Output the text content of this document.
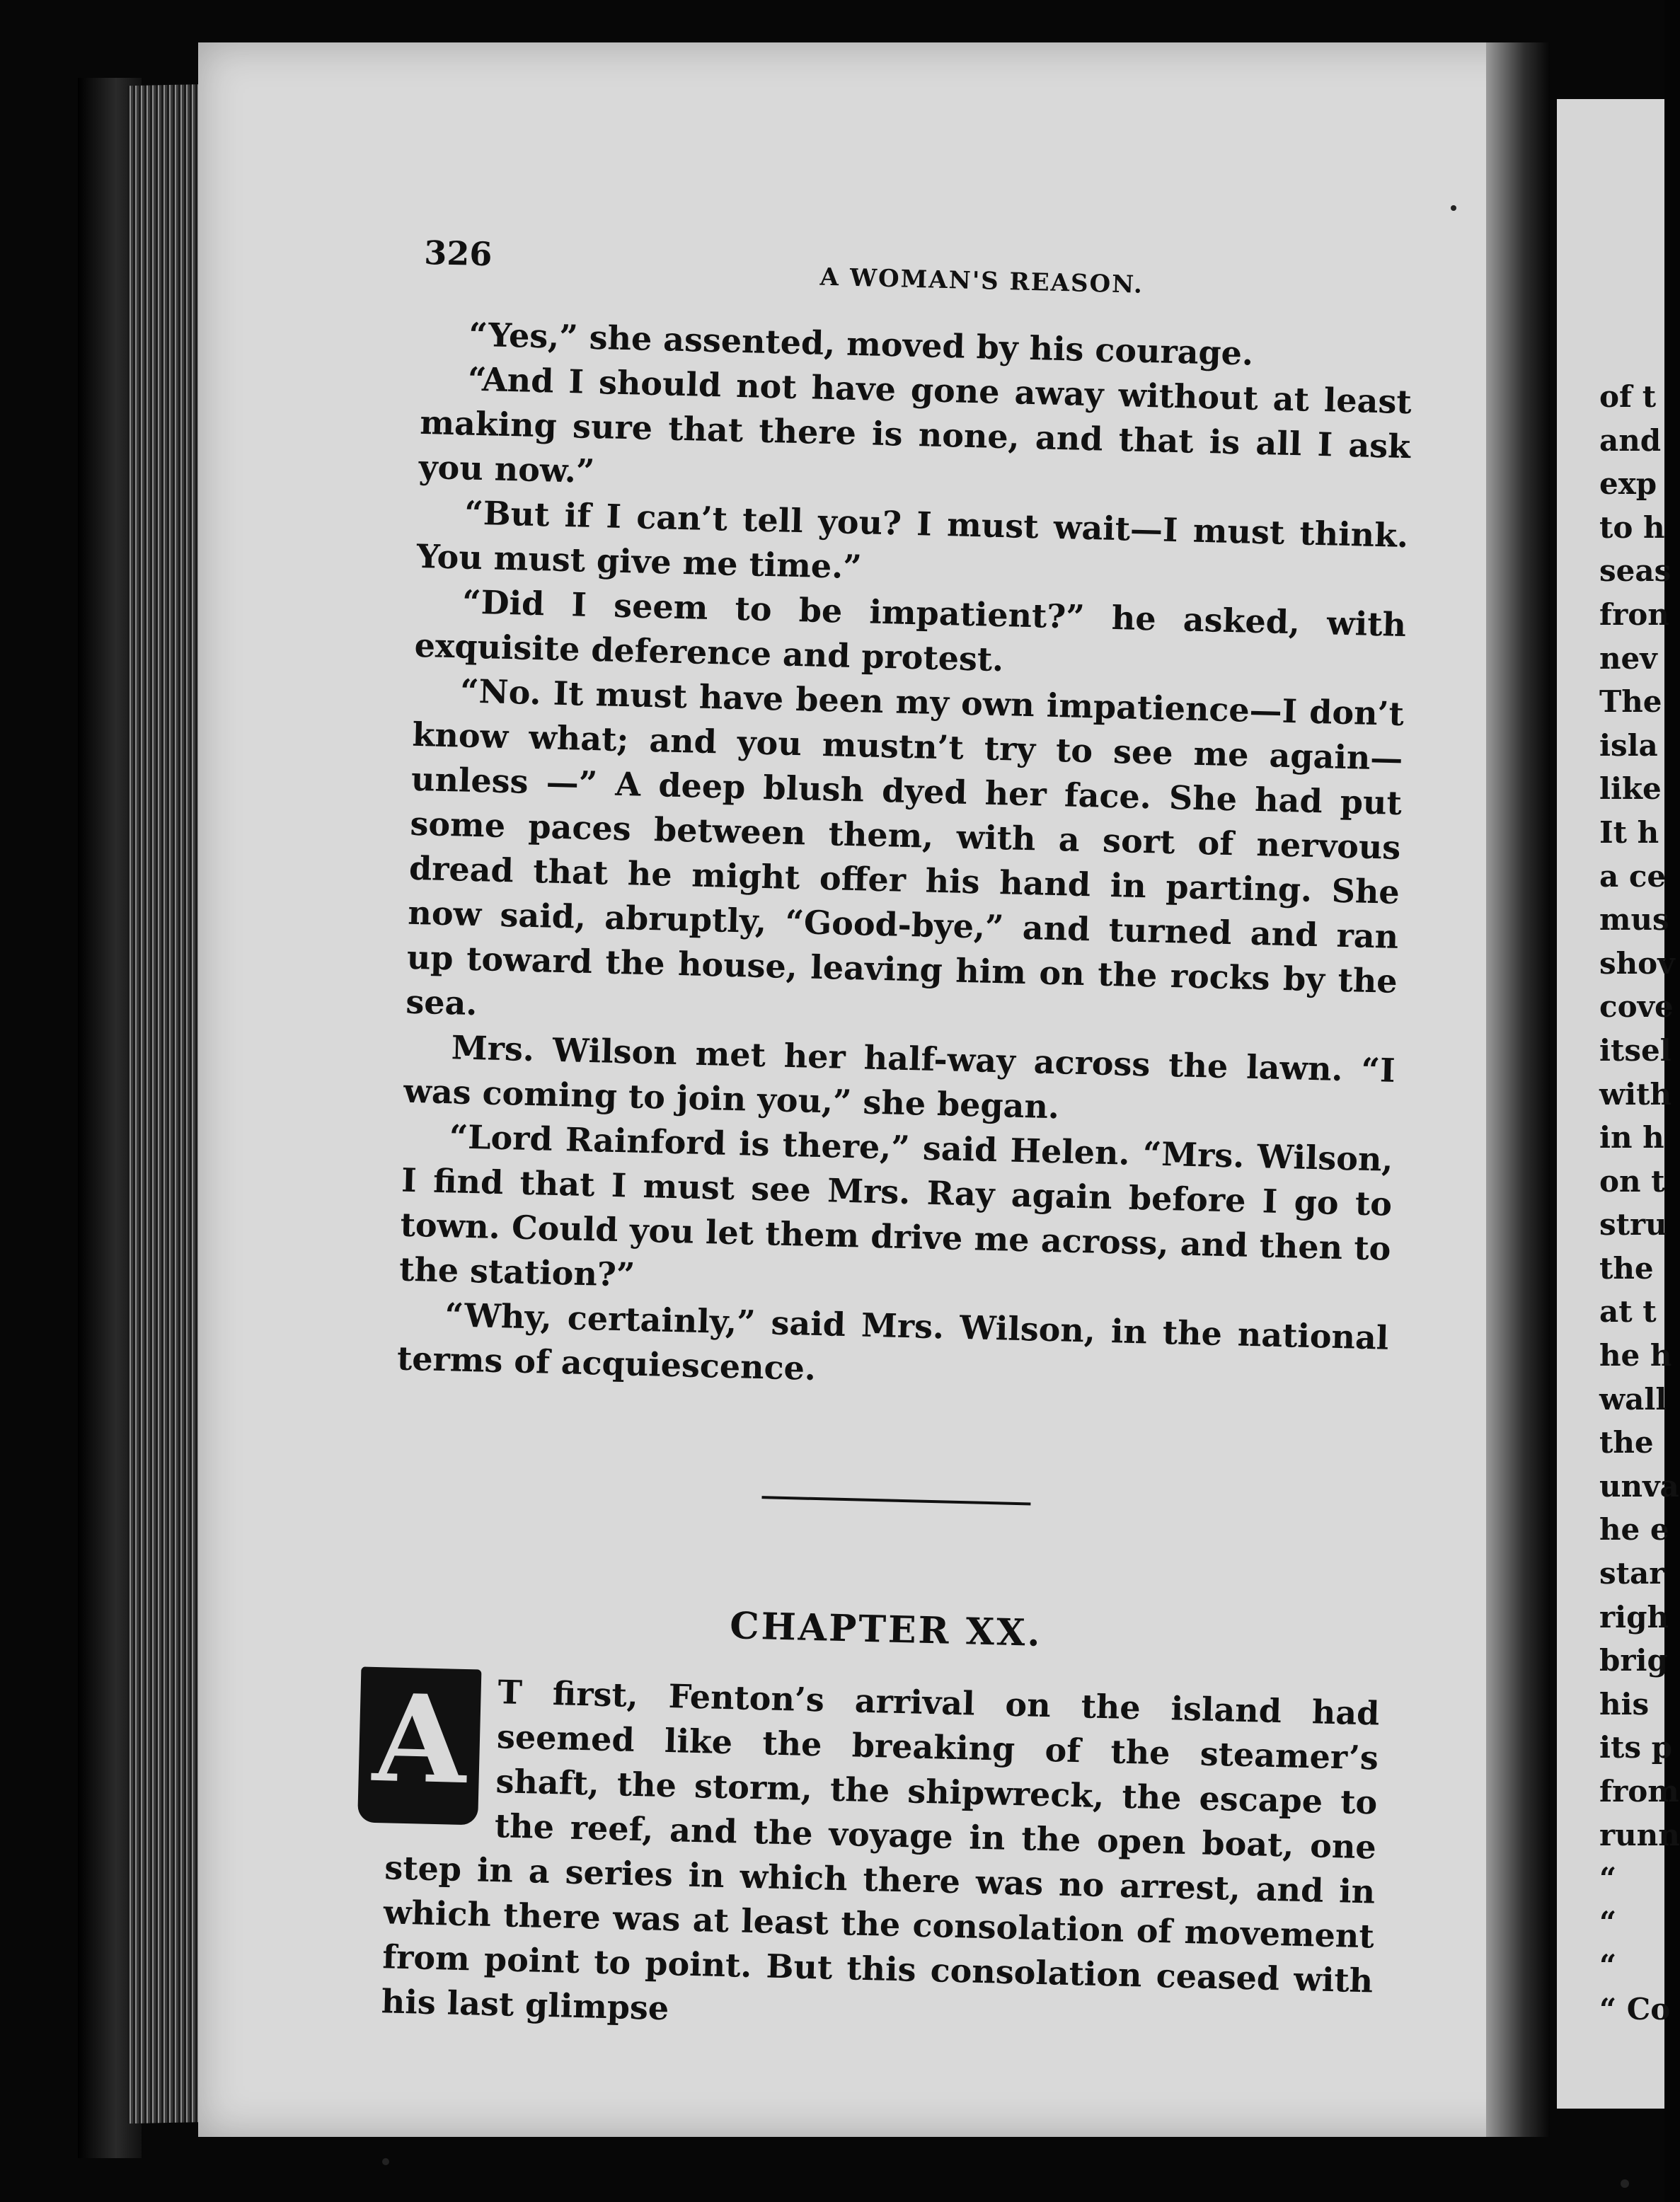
of t
and
exp
to h
seas
fron
nev
The
isla
like
It h
a ce
mus
shov
cove
itsel
with
in h
on t
stru
the
at t
he h
wall
the
unva
he e
star
righ
brig
his
its p
from
runn
“
“
“
“ Co
326
A WOMAN'S REASON.

“Yes,” she assented, moved by his courage.

“And I should not have gone away without at least making sure that there is none, and that is all I ask you now.”

“But if I can’t tell you? I must wait—I must think. You must give me time.”

“Did I seem to be impatient?” he asked, with exquisite deference and protest.

“No. It must have been my own impatience—I don’t know what; and you mustn’t try to see me again—unless —” A deep blush dyed her face. She had put some paces between them, with a sort of nervous dread that he might offer his hand in parting. She now said, abruptly, “Good-bye,” and turned and ran up toward the house, leaving him on the rocks by the sea.

Mrs. Wilson met her half-way across the lawn. “I was coming to join you,” she began.

“Lord Rainford is there,” said Helen. “Mrs. Wilson, I find that I must see Mrs. Ray again before I go to town. Could you let them drive me across, and then to the station?”

“Why, certainly,” said Mrs. Wilson, in the national terms of acquiescence.

CHAPTER XX.
A T first, Fenton’s arrival on the island had seemed like the breaking of the steamer’s shaft, the storm, the shipwreck, the escape to the reef, and the voyage in the open boat, one step in a series in which there was no arrest, and in which there was at least the consolation of movement from point to point. But this consolation ceased with his last glimpse
